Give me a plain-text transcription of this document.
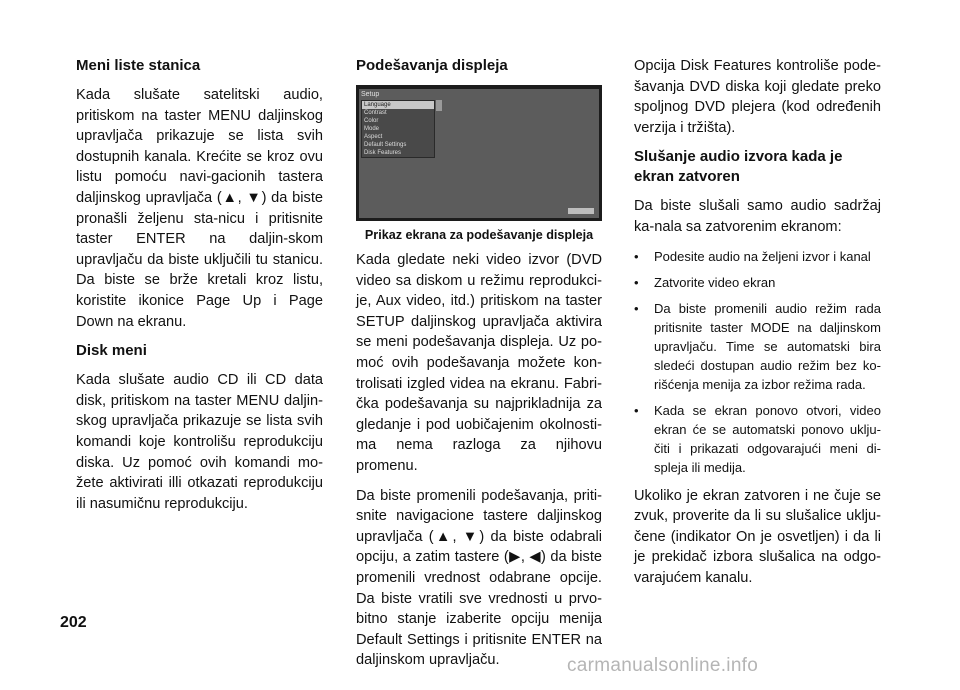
Meni liste stanica

Kada slušate satelitski audio, pritiskom na taster MENU daljinskog upravljača prikazuje se lista svih dostupnih kanala. Krećite se kroz ovu listu pomoću navi-gacionih tastera daljinskog upravljača (▲, ▼) da biste pronašli željenu sta-nicu i pritisnite taster ENTER na daljin-skom upravljaču da biste uključili tu stanicu. Da biste se brže kretali kroz listu, koristite ikonice Page Up i Page Down na ekranu.

Disk meni

Kada slušate audio CD ili CD data disk, pritiskom na taster MENU daljin-skog upravljača prikazuje se lista svih komandi koje kontrolišu reprodukciju diska. Uz pomoć ovih komandi mo-žete aktivirati illi otkazati reprodukciju ili nasumičnu reprodukciju.

Podešavanja displeja
Setup
Language
Contrast
Color
Mode
Aspect
Default Settings
Disk Features

Prikaz ekrana za podešavanje displeja

Kada gledate neki video izvor (DVD video sa diskom u režimu reprodukci-je, Aux video, itd.) pritiskom na taster SETUP daljinskog upravljača aktivira se meni podešavanja displeja. Uz po-moć ovih podešavanja možete kon-trolisati izgled videa na ekranu. Fabri-čka podešavanja su najprikladnija za gledanje i pod uobičajenim okolnosti-ma nema razloga za njihovu promenu.

Da biste promenili podešavanja, priti-snite navigacione tastere daljinskog upravljača (▲, ▼) da biste odabrali opciju, a zatim tastere (▶, ◀) da biste promenili vrednost odabrane opcije. Da biste vratili sve vrednosti u prvo-bitno stanje izaberite opciju menija Default Settings i pritisnite ENTER na daljinskom upravljaču.

Opcija Disk Features kontroliše pode-šavanja DVD diska koji gledate preko spoljnog DVD plejera (kod određenih verzija i tržišta).

Slušanje audio izvora kada je ekran zatvoren

Da biste slušali samo audio sadržaj ka-nala sa zatvorenim ekranom:

• Podesite audio na željeni izvor i kanal
• Zatvorite video ekran
• Da biste promenili audio režim rada pritisnite taster MODE na daljinskom upravljaču. Time se automatski bira sledeći dostupan audio režim bez ko-rišćenja menija za izbor režima rada.
• Kada se ekran ponovo otvori, video ekran će se automatski ponovo uklju-čiti i prikazati odgovarajući meni di-spleja ili medija.

Ukoliko je ekran zatvoren i ne čuje se zvuk, proverite da li su slušalice uklju-čene (indikator On je osvetljen) i da li je prekidač izbora slušalica na odgo-varajućem kanalu.

202
carmanualsonline.info
